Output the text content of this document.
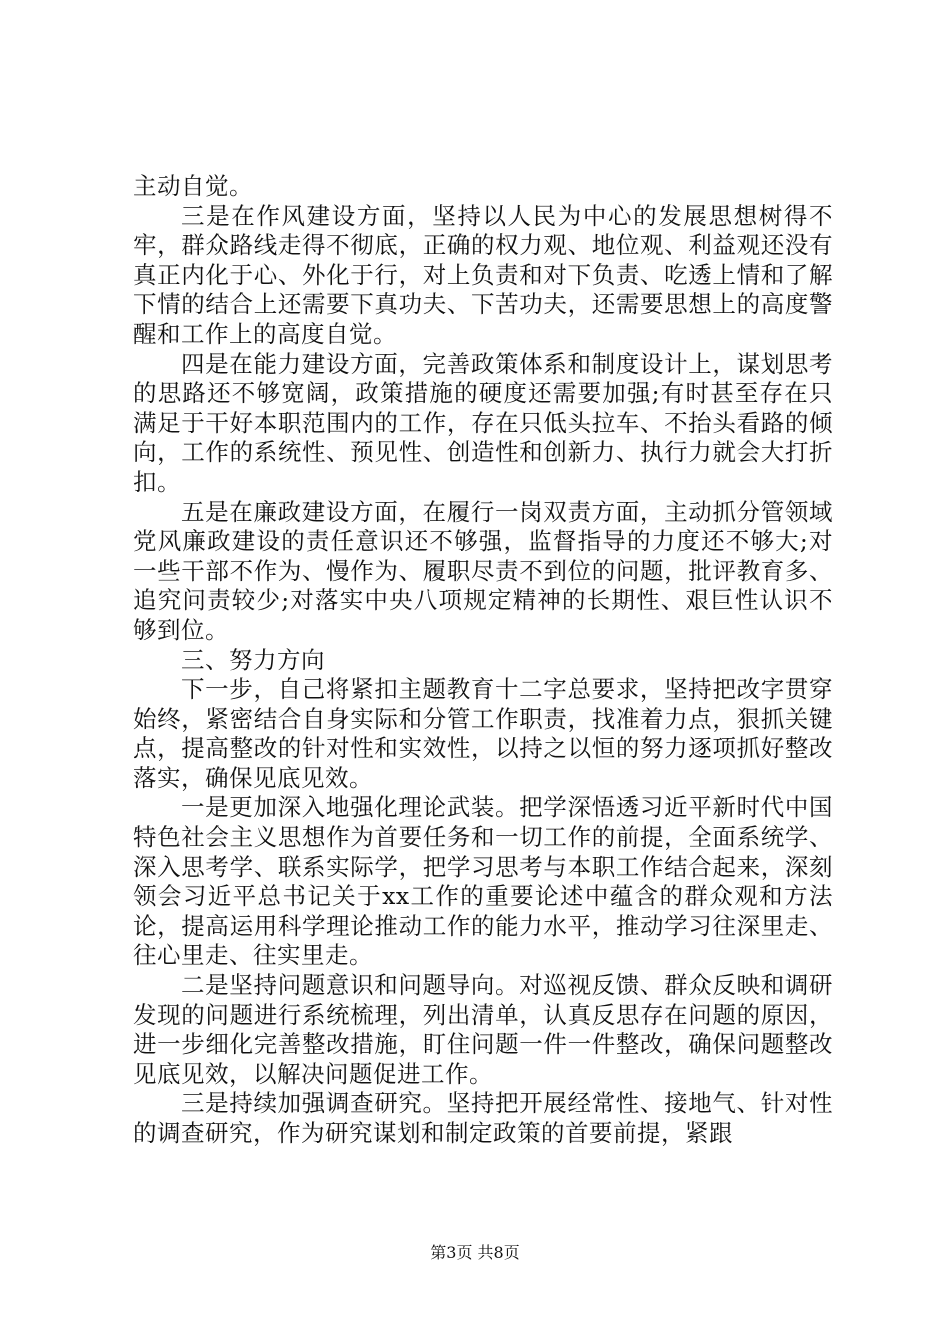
主动自觉。

三是在作风建设方面，坚持以人民为中心的发展思想树得不牢，群众路线走得不彻底，正确的权力观、地位观、利益观还没有真正内化于心、外化于行，对上负责和对下负责、吃透上情和了解下情的结合上还需要下真功夫、下苦功夫，还需要思想上的高度警醒和工作上的高度自觉。

四是在能力建设方面，完善政策体系和制度设计上，谋划思考的思路还不够宽阔，政策措施的硬度还需要加强;有时甚至存在只满足于干好本职范围内的工作，存在只低头拉车、不抬头看路的倾向，工作的系统性、预见性、创造性和创新力、执行力就会大打折扣。

五是在廉政建设方面，在履行一岗双责方面，主动抓分管领域党风廉政建设的责任意识还不够强，监督指导的力度还不够大;对一些干部不作为、慢作为、履职尽责不到位的问题，批评教育多、追究问责较少;对落实中央八项规定精神的长期性、艰巨性认识不够到位。

三、努力方向

下一步，自己将紧扣主题教育十二字总要求，坚持把改字贯穿始终，紧密结合自身实际和分管工作职责，找准着力点，狠抓关键点，提高整改的针对性和实效性，以持之以恒的努力逐项抓好整改落实，确保见底见效。

一是更加深入地强化理论武装。把学深悟透习近平新时代中国特色社会主义思想作为首要任务和一切工作的前提，全面系统学、深入思考学、联系实际学，把学习思考与本职工作结合起来，深刻领会习近平总书记关于xx工作的重要论述中蕴含的群众观和方法论，提高运用科学理论推动工作的能力水平，推动学习往深里走、往心里走、往实里走。

二是坚持问题意识和问题导向。对巡视反馈、群众反映和调研发现的问题进行系统梳理，列出清单，认真反思存在问题的原因，进一步细化完善整改措施，盯住问题一件一件整改，确保问题整改见底见效，以解决问题促进工作。

三是持续加强调查研究。坚持把开展经常性、接地气、针对性的调查研究，作为研究谋划和制定政策的首要前提，紧跟

第3页 共8页
